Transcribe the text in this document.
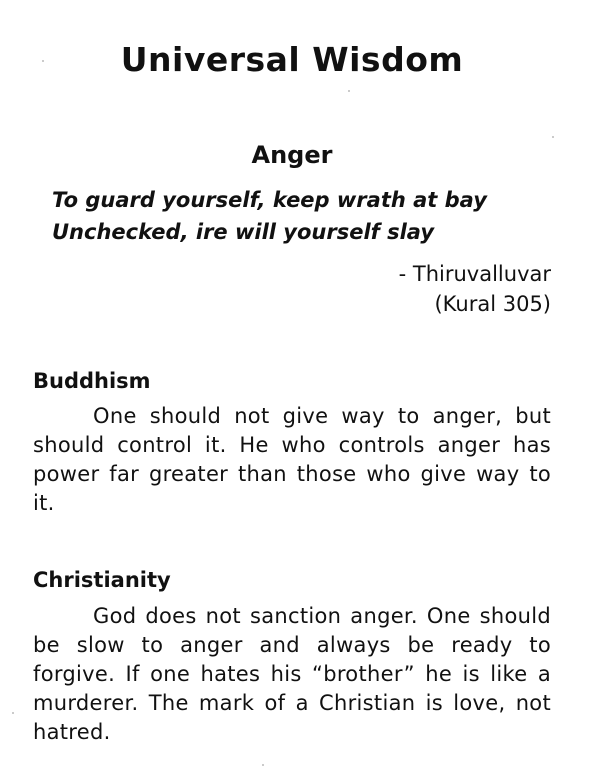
Universal Wisdom
Anger
To guard yourself, keep wrath at bay
Unchecked, ire will yourself slay
- Thiruvalluvar
(Kural 305)
Buddhism
One should not give way to anger, but should control it. He who controls anger has power far greater than those who give way to it.
Christianity
God does not sanction anger. One should be slow to anger and always be ready to forgive. If one hates his “brother” he is like a murderer. The mark of a Christian is love, not hatred.
